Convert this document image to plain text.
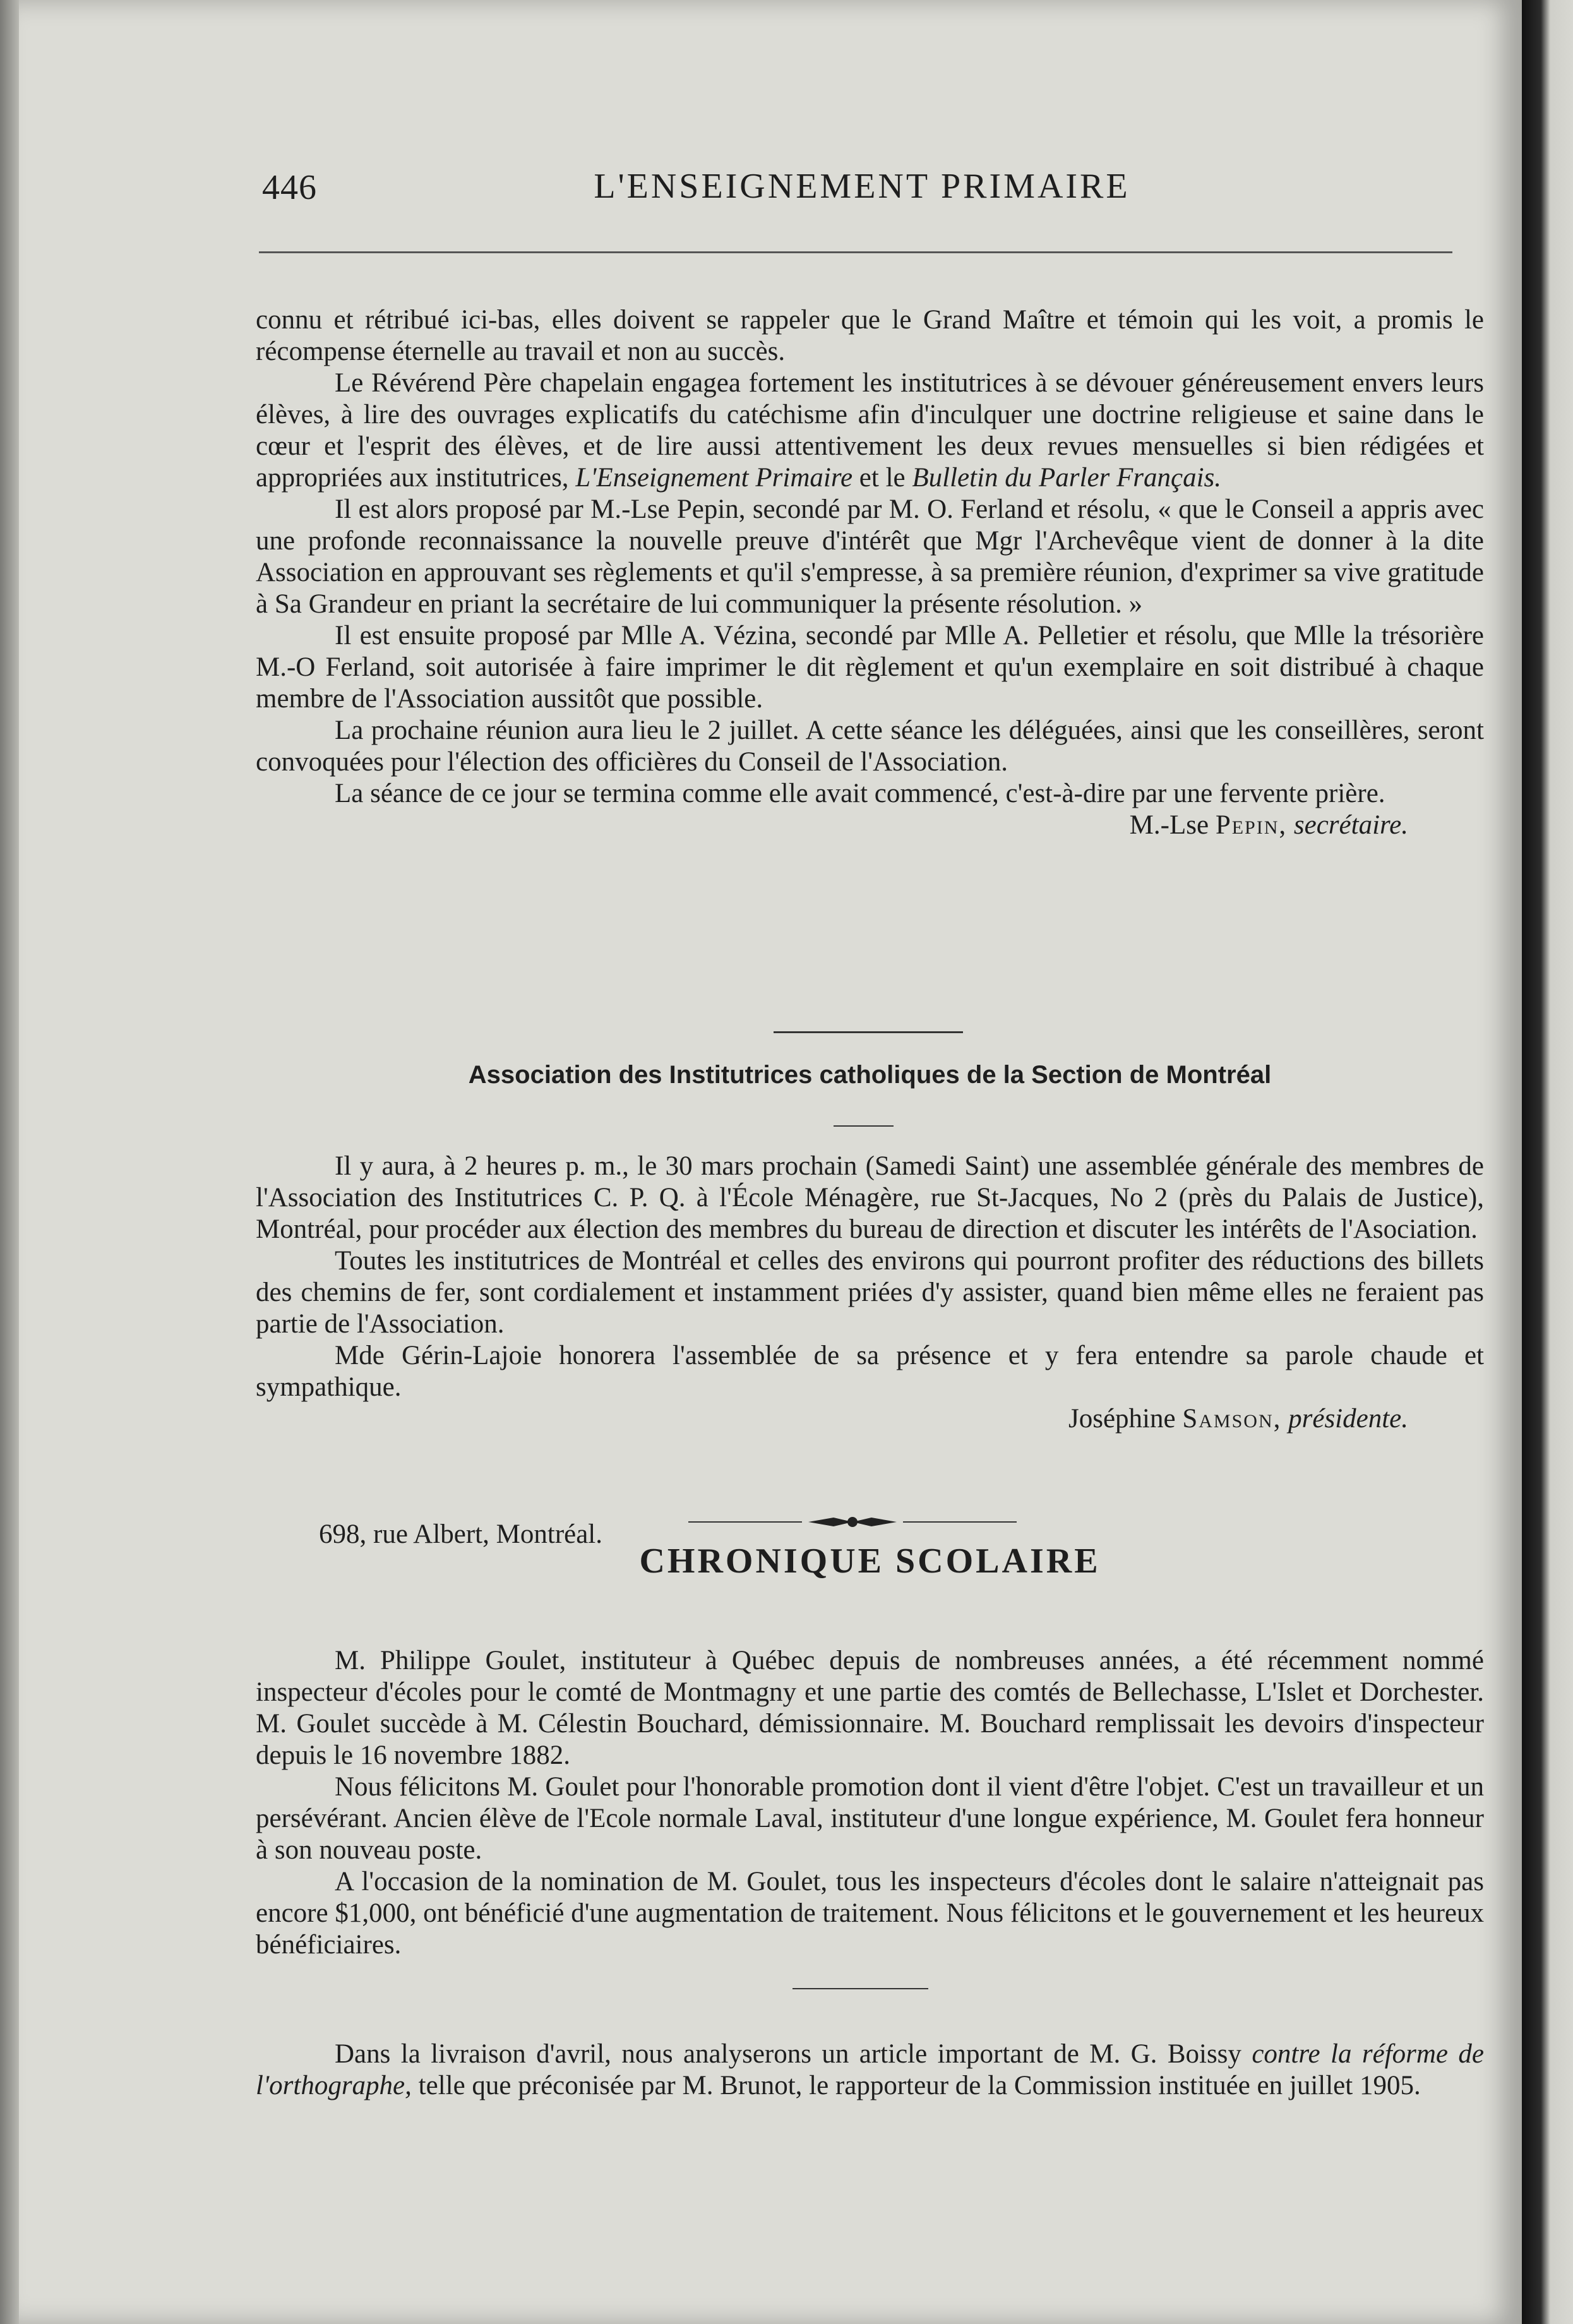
446	L'ENSEIGNEMENT PRIMAIRE

connu et rétribué ici-bas, elles doivent se rappeler que le Grand Maître et témoin qui les voit, a promis le récompense éternelle au travail et non au succès.

Le Révérend Père chapelain engagea fortement les institutrices à se dévouer généreusement envers leurs élèves, à lire des ouvrages explicatifs du catéchisme afin d'inculquer une doctrine religieuse et saine dans le cœur et l'esprit des élèves, et de lire aussi attentivement les deux revues mensuelles si bien rédigées et appropriées aux institutrices, L'Enseignement Primaire et le Bulletin du Parler Français.

Il est alors proposé par M.-Lse Pepin, secondé par M. O. Ferland et résolu, « que le Conseil a appris avec une profonde reconnaissance la nouvelle preuve d'intérêt que Mgr l'Archevêque vient de donner à la dite Association en approuvant ses règlements et qu'il s'empresse, à sa première réunion, d'exprimer sa vive gratitude à Sa Grandeur en priant la secrétaire de lui communiquer la présente résolution. »

Il est ensuite proposé par Mlle A. Vézina, secondé par Mlle A. Pelletier et résolu, que Mlle la trésorière M.-O Ferland, soit autorisée à faire imprimer le dit règlement et qu'un exemplaire en soit distribué à chaque membre de l'Association aussitôt que possible.

La prochaine réunion aura lieu le 2 juillet. A cette séance les déléguées, ainsi que les conseillères, seront convoquées pour l'élection des officières du Conseil de l'Association.

La séance de ce jour se termina comme elle avait commencé, c'est-à-dire par une fervente prière.

M.-Lse Pepin, secrétaire.

Association des Institutrices catholiques de la Section de Montréal

Il y aura, à 2 heures p. m., le 30 mars prochain (Samedi Saint) une assemblée générale des membres de l'Association des Institutrices C. P. Q. à l'École Ménagère, rue St-Jacques, No 2 (près du Palais de Justice), Montréal, pour procéder aux élection des membres du bureau de direction et discuter les intérêts de l'Asociation.

Toutes les institutrices de Montréal et celles des environs qui pourront profiter des réductions des billets des chemins de fer, sont cordialement et instamment priées d'y assister, quand bien même elles ne feraient pas partie de l'Association.

Mde Gérin-Lajoie honorera l'assemblée de sa présence et y fera entendre sa parole chaude et sympathique.

Joséphine Samson, présidente.

698, rue Albert, Montréal.
CHRONIQUE SCOLAIRE

M. Philippe Goulet, instituteur à Québec depuis de nombreuses années, a été récemment nommé inspecteur d'écoles pour le comté de Montmagny et une partie des comtés de Bellechasse, L'Islet et Dorchester. M. Goulet succède à M. Célestin Bouchard, démissionnaire. M. Bouchard remplissait les devoirs d'inspecteur depuis le 16 novembre 1882.

Nous félicitons M. Goulet pour l'honorable promotion dont il vient d'être l'objet. C'est un travailleur et un persévérant. Ancien élève de l'Ecole normale Laval, instituteur d'une longue expérience, M. Goulet fera honneur à son nouveau poste.

A l'occasion de la nomination de M. Goulet, tous les inspecteurs d'écoles dont le salaire n'atteignait pas encore $1,000, ont bénéficié d'une augmentation de traitement. Nous félicitons et le gouvernement et les heureux bénéficiaires.

Dans la livraison d'avril, nous analyserons un article important de M. G. Boissy contre la réforme de l'orthographe, telle que préconisée par M. Brunot, le rapporteur de la Commission instituée en juillet 1905.
